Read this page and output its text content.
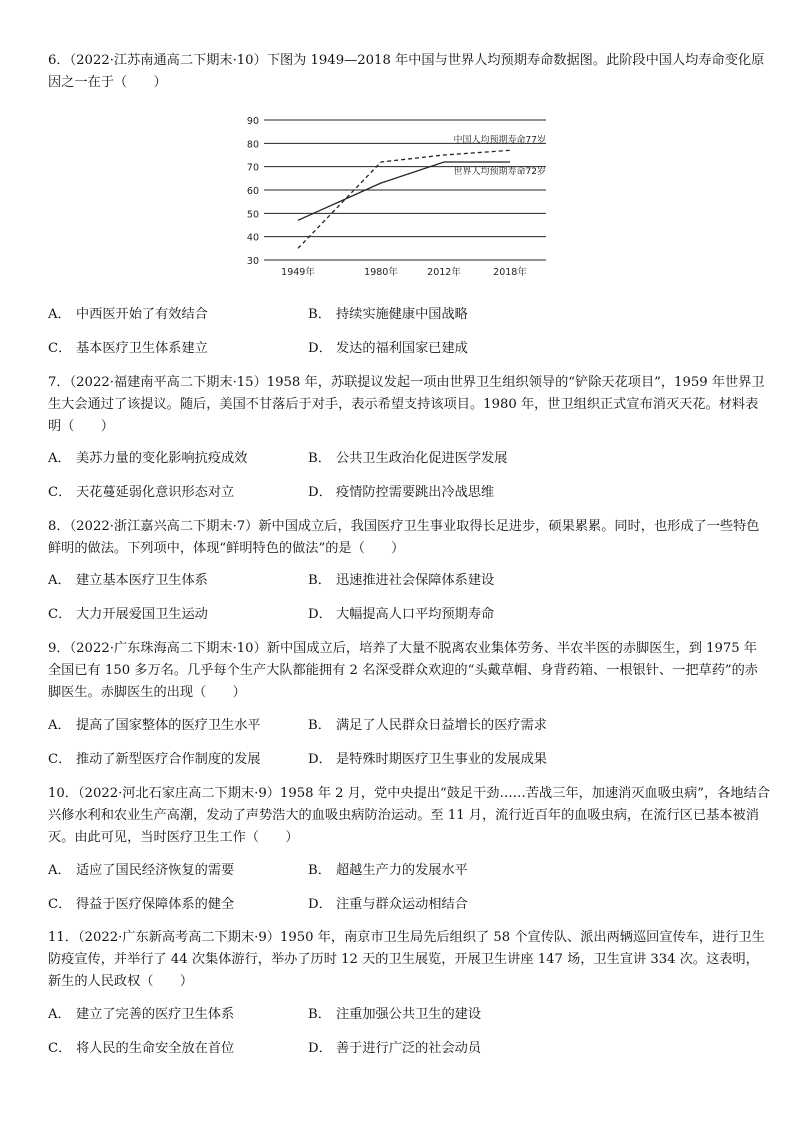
6．（2022·江苏南通高二下期末·10）下图为 1949—2018 年中国与世界人均预期寿命数据图。此阶段中国人均寿命变化原因之一在于（　　）

30
40
50
60
70
80
90
1949年	1980年	2012年	2018年
中国人均预期寿命77岁
世界人均预期寿命72岁
A． 中西医开始了有效结合	B． 持续实施健康中国战略
C． 基本医疗卫生体系建立	D． 发达的福利国家已建成

7．（2022·福建南平高二下期末·15）1958 年，苏联提议发起一项由世界卫生组织领导的“铲除天花项目”，1959 年世界卫生大会通过了该提议。随后，美国不甘落后于对手，表示希望支持该项目。1980 年，世卫组织正式宣布消灭天花。材料表明（　　）

A． 美苏力量的变化影响抗疫成效	B． 公共卫生政治化促进医学发展
C． 天花蔓延弱化意识形态对立	D． 疫情防控需要跳出冷战思维

8．（2022·浙江嘉兴高二下期末·7）新中国成立后，我国医疗卫生事业取得长足进步，硕果累累。同时，也形成了一些特色鲜明的做法。下列项中，体现“鲜明特色的做法”的是（　　）

A． 建立基本医疗卫生体系	B． 迅速推进社会保障体系建设
C． 大力开展爱国卫生运动	D． 大幅提高人口平均预期寿命

9．（2022·广东珠海高二下期末·10）新中国成立后，培养了大量不脱离农业集体劳务、半农半医的赤脚医生，到 1975 年全国已有 150 多万名。几乎每个生产大队都能拥有 2 名深受群众欢迎的“头戴草帽、身背药箱、一根银针、一把草药”的赤脚医生。赤脚医生的出现（　　）

A． 提高了国家整体的医疗卫生水平	B． 满足了人民群众日益增长的医疗需求
C． 推动了新型医疗合作制度的发展	D． 是特殊时期医疗卫生事业的发展成果

10．（2022·河北石家庄高二下期末·9）1958 年 2 月，党中央提出“鼓足干劲……苦战三年，加速消灭血吸虫病”，各地结合兴修水利和农业生产高潮，发动了声势浩大的血吸虫病防治运动。至 11 月，流行近百年的血吸虫病，在流行区已基本被消灭。由此可见，当时医疗卫生工作（　　）

A． 适应了国民经济恢复的需要	B． 超越生产力的发展水平
C． 得益于医疗保障体系的健全	D． 注重与群众运动相结合

11．（2022·广东新高考高二下期末·9）1950 年，南京市卫生局先后组织了 58 个宣传队、派出两辆巡回宣传车，进行卫生防疫宣传，并举行了 44 次集体游行，举办了历时 12 天的卫生展览，开展卫生讲座 147 场，卫生宣讲 334 次。这表明，新生的人民政权（　　）

A． 建立了完善的医疗卫生体系	B． 注重加强公共卫生的建设
C． 将人民的生命安全放在首位	D． 善于进行广泛的社会动员
